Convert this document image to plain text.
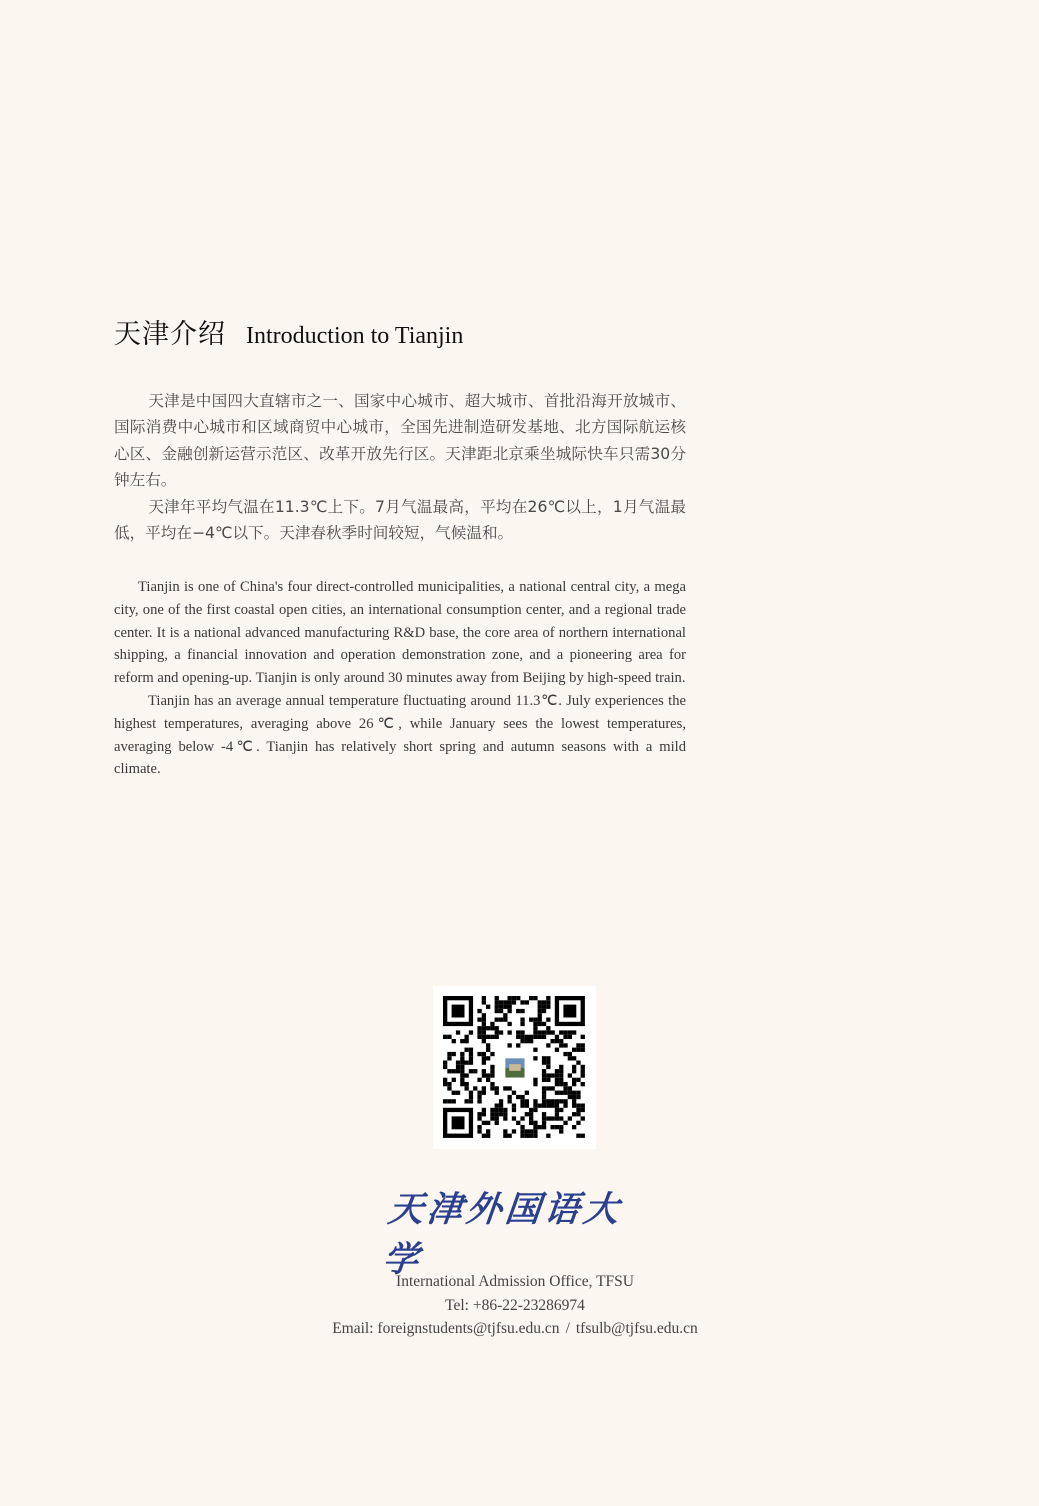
天津介绍 Introduction to Tianjin

天津是中国四大直辖市之一、国家中心城市、超大城市、首批沿海开放城市、国际消费中心城市和区域商贸中心城市，全国先进制造研发基地、北方国际航运核心区、金融创新运营示范区、改革开放先行区。天津距北京乘坐城际快车只需30分钟左右。

天津年平均气温在11.3℃上下。7月气温最高，平均在26℃以上，1月气温最低，平均在−4℃以下。天津春秋季时间较短，气候温和。

Tianjin is one of China's four direct-controlled municipalities, a national central city, a mega city, one of the first coastal open cities, an international consumption center, and a regional trade center. It is a national advanced manufacturing R&D base, the core area of northern international shipping, a financial innovation and operation demonstration zone, and a pioneering area for reform and opening-up. Tianjin is only around 30 minutes away from Beijing by high-speed train.

Tianjin has an average annual temperature fluctuating around 11.3℃. July experiences the highest temperatures, averaging above 26℃, while January sees the lowest temperatures, averaging below -4℃. Tianjin has relatively short spring and autumn seasons with a mild climate.

天津外国语大学
International Admission Office, TFSU
Tel: +86-22-23286974
Email: foreignstudents@tjfsu.edu.cn / tfsulb@tjfsu.edu.cn
